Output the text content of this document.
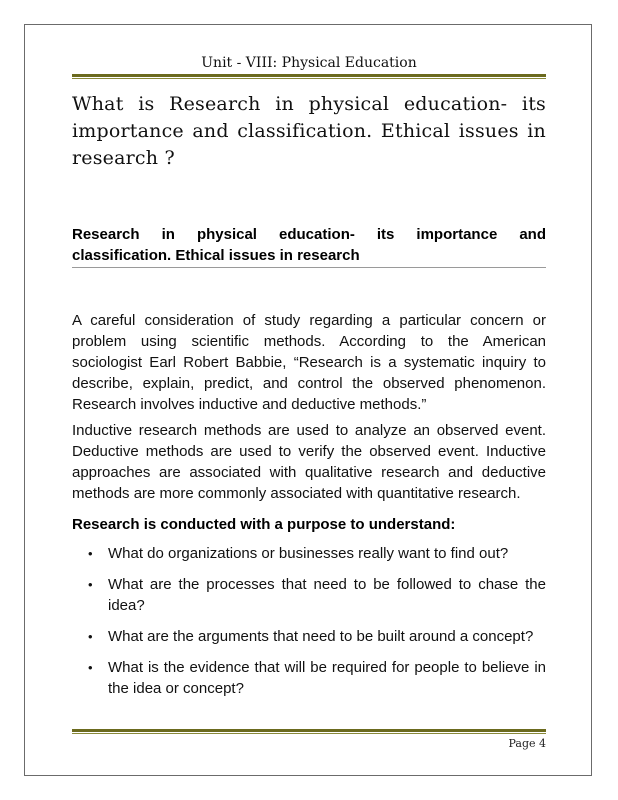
Unit - VIII: Physical Education
What is Research in physical education- its importance and classification. Ethical issues in research ?
Research in physical education- its importance and
classification. Ethical issues in research
A careful consideration of study regarding a particular concern or problem using scientific methods. According to the American sociologist Earl Robert Babbie, “Research is a systematic inquiry to describe, explain, predict, and control the observed phenomenon. Research involves inductive and deductive methods.”
Inductive research methods are used to analyze an observed event. Deductive methods are used to verify the observed event. Inductive approaches are associated with qualitative research and deductive methods are more commonly associated with quantitative research.
Research is conducted with a purpose to understand:
• What do organizations or businesses really want to find out?
• What are the processes that need to be followed to chase the idea?
• What are the arguments that need to be built around a concept?
• What is the evidence that will be required for people to believe in the idea or concept?
Page 4
